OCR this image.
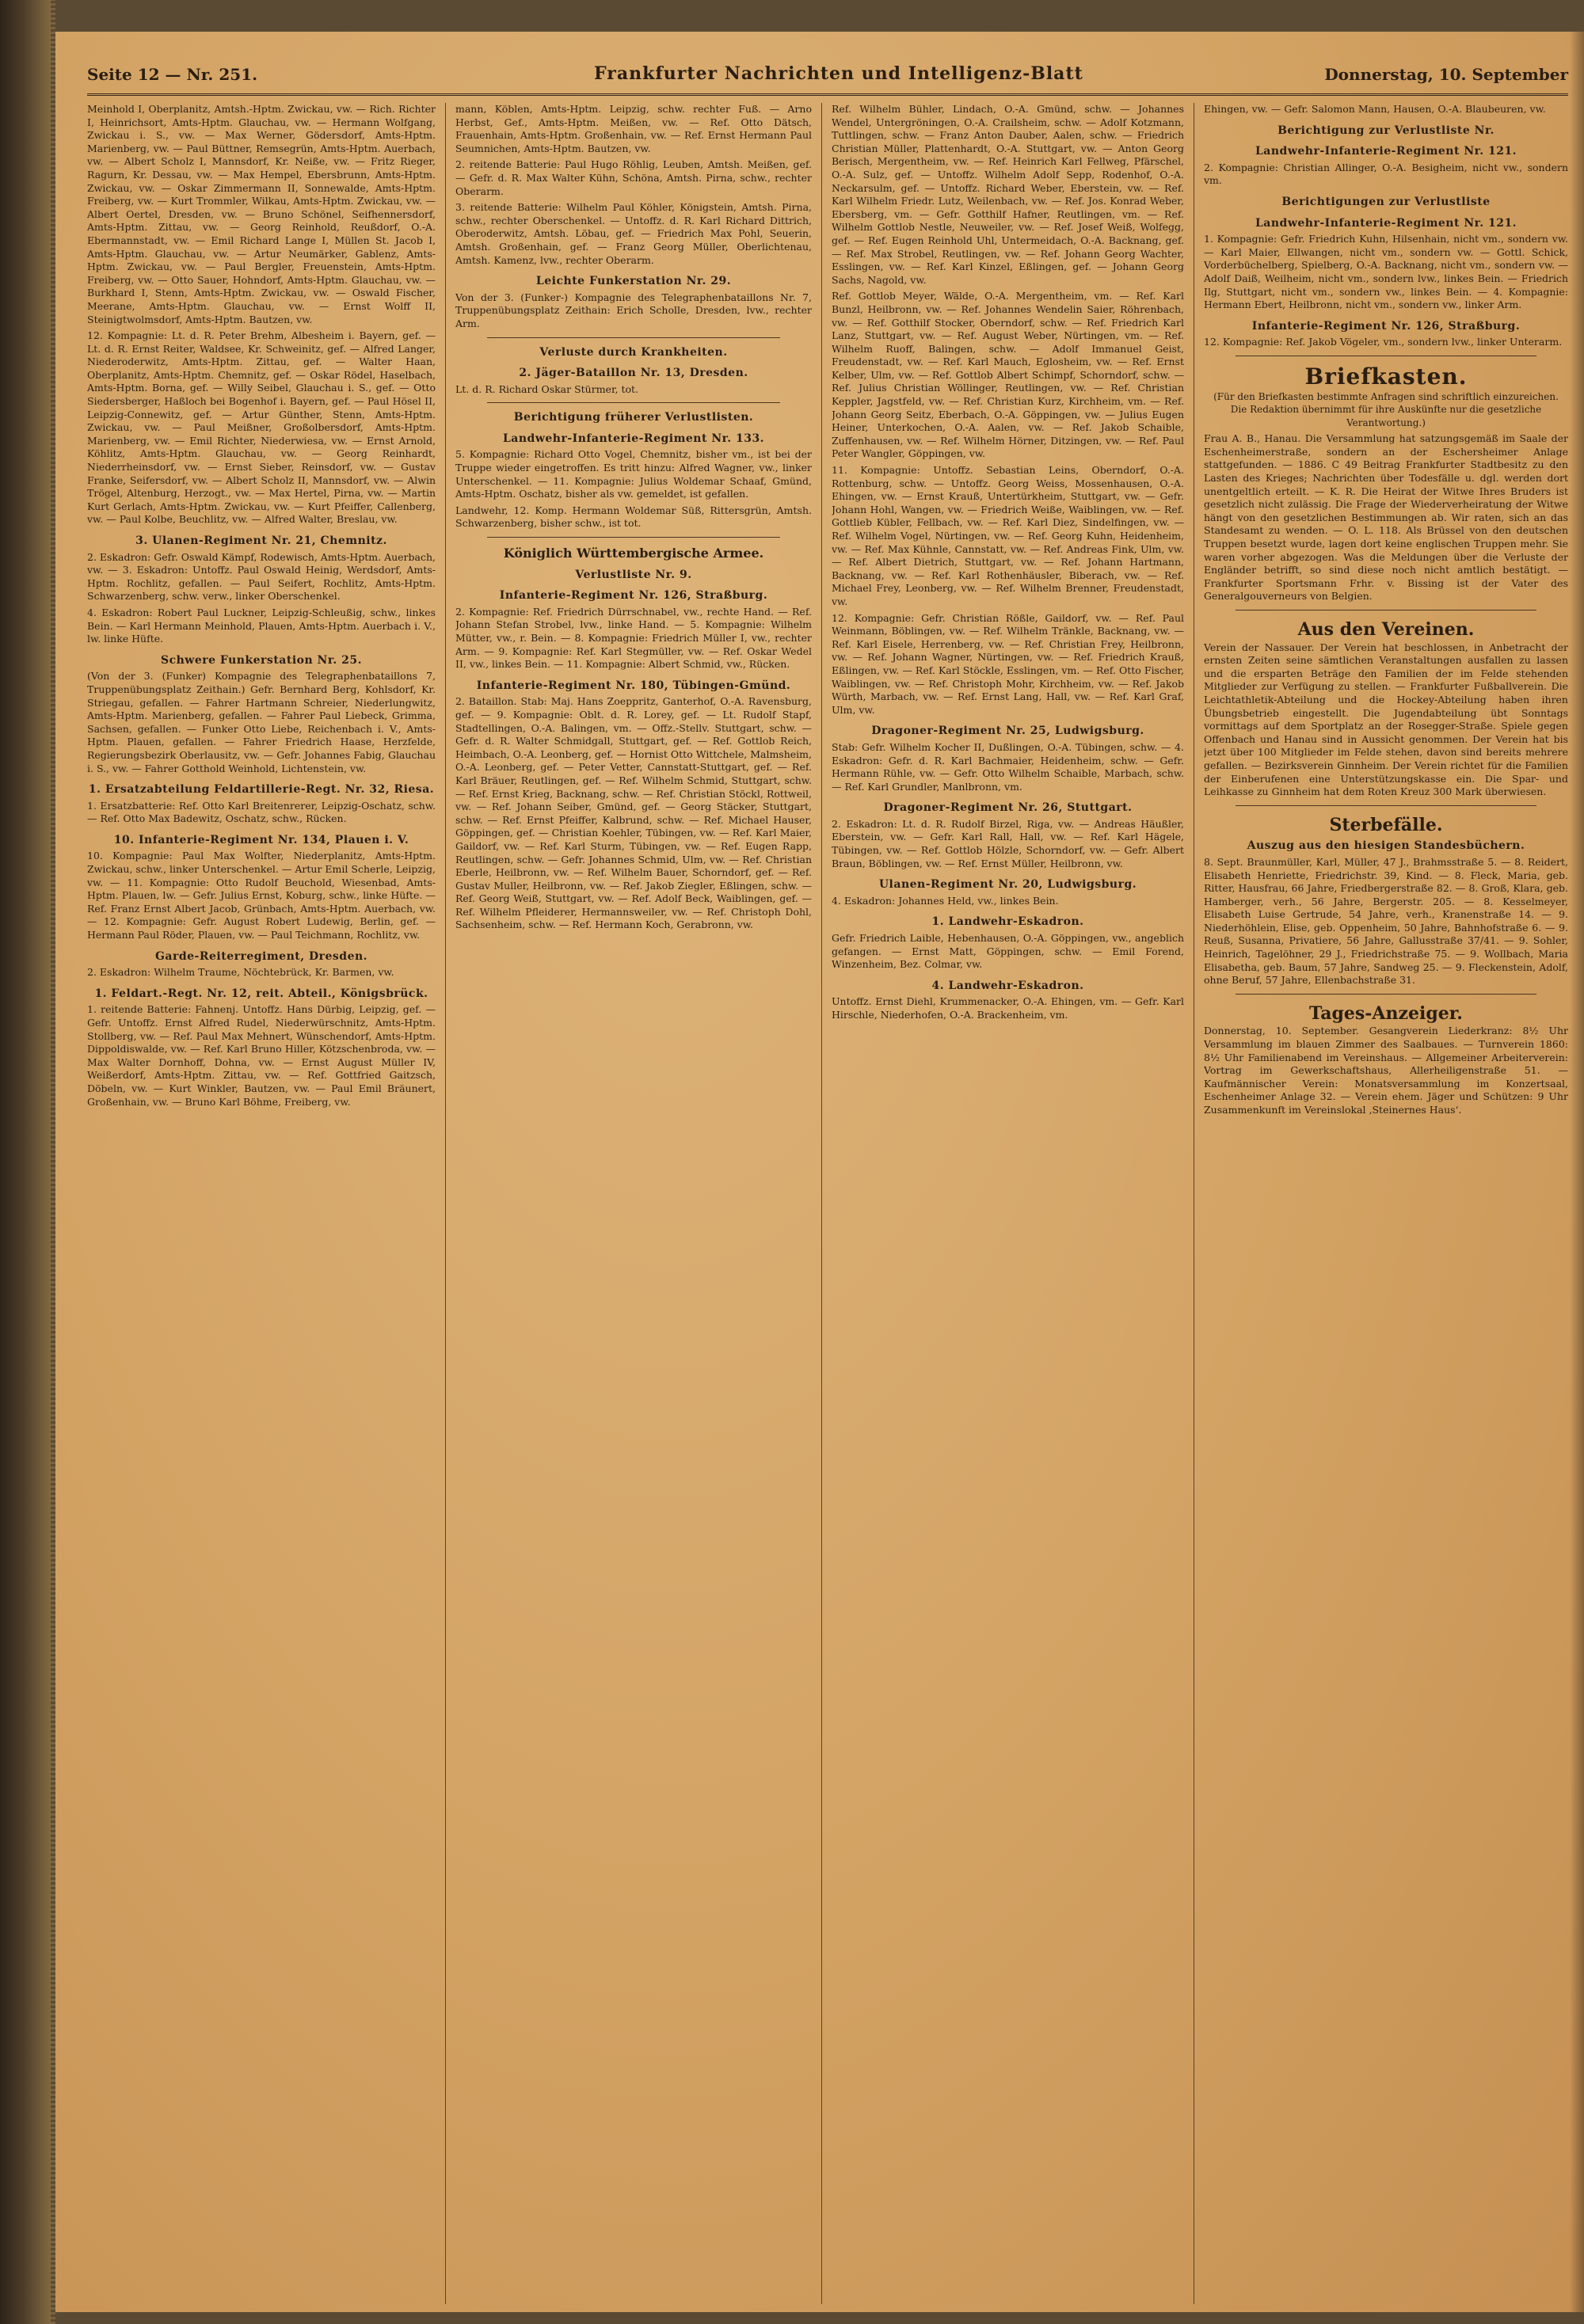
Seite 12 — Nr. 251.	Frankfurter Nachrichten und Intelligenz-Blatt	Donnerstag, 10. September

Meinhold I, Oberplanitz, Amtsh.-Hptm. Zwickau, vw. — Rich. Richter I, Heinrichsort, Amts-Hptm. Glauchau, vw. — Hermann Wolfgang, Zwickau i. S., vw. — Max Werner, Gödersdorf, Amts-Hptm. Marienberg, vw. — Paul Büttner, Remsegrün, Amts-Hptm. Auerbach, vw. — Albert Scholz I, Mannsdorf, Kr. Neiße, vw. — Fritz Rieger, Ragurn, Kr. Dessau, vw. — Max Hempel, Ebersbrunn, Amts-Hptm. Zwickau, vw. — Oskar Zimmermann II, Sonnewalde, Amts-Hptm. Freiberg, vw. — Kurt Trommler, Wilkau, Amts-Hptm. Zwickau, vw. — Albert Oertel, Dresden, vw. — Bruno Schönel, Seifhennersdorf, Amts-Hptm. Zittau, vw. — Georg Reinhold, Reußdorf, O.-A. Ebermannstadt, vw. — Emil Richard Lange I, Müllen St. Jacob I, Amts-Hptm. Glauchau, vw. — Artur Neumärker, Gablenz, Amts-Hptm. Zwickau, vw. — Paul Bergler, Freuenstein, Amts-Hptm. Freiberg, vw. — Otto Sauer, Hohndorf, Amts-Hptm. Glauchau, vw. — Burkhard I, Stenn, Amts-Hptm. Zwickau, vw. — Oswald Fischer, Meerane, Amts-Hptm. Glauchau, vw. — Ernst Wolff II, Steinigtwolmsdorf, Amts-Hptm. Bautzen, vw.

12. Kompagnie: Lt. d. R. Peter Brehm, Albesheim i. Bayern, gef. — Lt. d. R. Ernst Reiter, Waldsee, Kr. Schweinitz, gef. — Alfred Langer, Niederoderwitz, Amts-Hptm. Zittau, gef. — Walter Haan, Oberplanitz, Amts-Hptm. Chemnitz, gef. — Oskar Rödel, Haselbach, Amts-Hptm. Borna, gef. — Willy Seibel, Glauchau i. S., gef. — Otto Siedersberger, Haßloch bei Bogenhof i. Bayern, gef. — Paul Hösel II, Leipzig-Connewitz, gef. — Artur Günther, Stenn, Amts-Hptm. Zwickau, vw. — Paul Meißner, Großolbersdorf, Amts-Hptm. Marienberg, vw. — Emil Richter, Niederwiesa, vw. — Ernst Arnold, Köhlitz, Amts-Hptm. Glauchau, vw. — Georg Reinhardt, Niederrheinsdorf, vw. — Ernst Sieber, Reinsdorf, vw. — Gustav Franke, Seifersdorf, vw. — Albert Scholz II, Mannsdorf, vw. — Alwin Trögel, Altenburg, Herzogt., vw. — Max Hertel, Pirna, vw. — Martin Kurt Gerlach, Amts-Hptm. Zwickau, vw. — Kurt Pfeiffer, Callenberg, vw. — Paul Kolbe, Beuchlitz, vw. — Alfred Walter, Breslau, vw.

3. Ulanen-Regiment Nr. 21, Chemnitz.

2. Eskadron: Gefr. Oswald Kämpf, Rodewisch, Amts-Hptm. Auerbach, vw. — 3. Eskadron: Untoffz. Paul Oswald Heinig, Werdsdorf, Amts-Hptm. Rochlitz, gefallen. — Paul Seifert, Rochlitz, Amts-Hptm. Schwarzenberg, schw. verw., linker Oberschenkel.

4. Eskadron: Robert Paul Luckner, Leipzig-Schleußig, schw., linkes Bein. — Karl Hermann Meinhold, Plauen, Amts-Hptm. Auerbach i. V., lw. linke Hüfte.

Schwere Funkerstation Nr. 25.

(Von der 3. (Funker) Kompagnie des Telegraphenbataillons 7, Truppenübungsplatz Zeithain.) Gefr. Bernhard Berg, Kohlsdorf, Kr. Striegau, gefallen. — Fahrer Hartmann Schreier, Niederlungwitz, Amts-Hptm. Marienberg, gefallen. — Fahrer Paul Liebeck, Grimma, Sachsen, gefallen. — Funker Otto Liebe, Reichenbach i. V., Amts-Hptm. Plauen, gefallen. — Fahrer Friedrich Haase, Herzfelde, Regierungsbezirk Oberlausitz, vw. — Gefr. Johannes Fabig, Glauchau i. S., vw. — Fahrer Gotthold Weinhold, Lichtenstein, vw.

1. Ersatzabteilung Feldartillerie-Regt. Nr. 32, Riesa.

1. Ersatzbatterie: Ref. Otto Karl Breitenrerer, Leipzig-Oschatz, schw. — Ref. Otto Max Badewitz, Oschatz, schw., Rücken.

10. Infanterie-Regiment Nr. 134, Plauen i. V.

10. Kompagnie: Paul Max Wolfter, Niederplanitz, Amts-Hptm. Zwickau, schw., linker Unterschenkel. — Artur Emil Scherle, Leipzig, vw. — 11. Kompagnie: Otto Rudolf Beuchold, Wiesenbad, Amts-Hptm. Plauen, lw. — Gefr. Julius Ernst, Koburg, schw., linke Hüfte. — Ref. Franz Ernst Albert Jacob, Grünbach, Amts-Hptm. Auerbach, vw. — 12. Kompagnie: Gefr. August Robert Ludewig, Berlin, gef. — Hermann Paul Röder, Plauen, vw. — Paul Teichmann, Rochlitz, vw.

Garde-Reiterregiment, Dresden.

2. Eskadron: Wilhelm Traume, Nöchtebrück, Kr. Barmen, vw.

1. Feldart.-Regt. Nr. 12, reit. Abteil., Königsbrück.

1. reitende Batterie: Fahnenj. Untoffz. Hans Dürbig, Leipzig, gef. — Gefr. Untoffz. Ernst Alfred Rudel, Niederwürschnitz, Amts-Hptm. Stollberg, vw. — Ref. Paul Max Mehnert, Wünschendorf, Amts-Hptm. Dippoldiswalde, vw. — Ref. Karl Bruno Hiller, Kötzschenbroda, vw. — Max Walter Dornhoff, Dohna, vw. — Ernst August Müller IV, Weißerdorf, Amts-Hptm. Zittau, vw. — Ref. Gottfried Gaitzsch, Döbeln, vw. — Kurt Winkler, Bautzen, vw. — Paul Emil Bräunert, Großenhain, vw. — Bruno Karl Böhme, Freiberg, vw.

mann, Köblen, Amts-Hptm. Leipzig, schw. rechter Fuß. — Arno Herbst, Gef., Amts-Hptm. Meißen, vw. — Ref. Otto Dätsch, Frauenhain, Amts-Hptm. Großenhain, vw. — Ref. Ernst Hermann Paul Seumnichen, Amts-Hptm. Bautzen, vw.

2. reitende Batterie: Paul Hugo Röhlig, Leuben, Amtsh. Meißen, gef. — Gefr. d. R. Max Walter Kühn, Schöna, Amtsh. Pirna, schw., rechter Oberarm.

3. reitende Batterie: Wilhelm Paul Köhler, Königstein, Amtsh. Pirna, schw., rechter Oberschenkel. — Untoffz. d. R. Karl Richard Dittrich, Oberoderwitz, Amtsh. Löbau, gef. — Friedrich Max Pohl, Seuerin, Amtsh. Großenhain, gef. — Franz Georg Müller, Oberlichtenau, Amtsh. Kamenz, lvw., rechter Oberarm.

Leichte Funkerstation Nr. 29.

Von der 3. (Funker-) Kompagnie des Telegraphenbataillons Nr. 7, Truppenübungsplatz Zeithain: Erich Scholle, Dresden, lvw., rechter Arm.

Verluste durch Krankheiten.
2. Jäger-Bataillon Nr. 13, Dresden.

Lt. d. R. Richard Oskar Stürmer, tot.

Berichtigung früherer Verlustlisten.
Landwehr-Infanterie-Regiment Nr. 133.

5. Kompagnie: Richard Otto Vogel, Chemnitz, bisher vm., ist bei der Truppe wieder eingetroffen. Es tritt hinzu: Alfred Wagner, vw., linker Unterschenkel. — 11. Kompagnie: Julius Woldemar Schaaf, Gmünd, Amts-Hptm. Oschatz, bisher als vw. gemeldet, ist gefallen.

Landwehr, 12. Komp. Hermann Woldemar Süß, Rittersgrün, Amtsh. Schwarzenberg, bisher schw., ist tot.

Königlich Württembergische Armee.
Verlustliste Nr. 9.
Infanterie-Regiment Nr. 126, Straßburg.

2. Kompagnie: Ref. Friedrich Dürrschnabel, vw., rechte Hand. — Ref. Johann Stefan Strobel, lvw., linke Hand. — 5. Kompagnie: Wilhelm Mütter, vw., r. Bein. — 8. Kompagnie: Friedrich Müller I, vw., rechter Arm. — 9. Kompagnie: Ref. Karl Stegmüller, vw. — Ref. Oskar Wedel II, vw., linkes Bein. — 11. Kompagnie: Albert Schmid, vw., Rücken.

Infanterie-Regiment Nr. 180, Tübingen-Gmünd.

2. Bataillon. Stab: Maj. Hans Zoeppritz, Ganterhof, O.-A. Ravensburg, gef. — 9. Kompagnie: Oblt. d. R. Lorey, gef. — Lt. Rudolf Stapf, Stadtellingen, O.-A. Balingen, vm. — Offz.-Stellv. Stuttgart, schw. — Gefr. d. R. Walter Schmidgall, Stuttgart, gef. — Ref. Gottlob Reich, Heimbach, O.-A. Leonberg, gef. — Hornist Otto Wittchele, Malmsheim, O.-A. Leonberg, gef. — Peter Vetter, Cannstatt-Stuttgart, gef. — Ref. Karl Bräuer, Reutlingen, gef. — Ref. Wilhelm Schmid, Stuttgart, schw. — Ref. Ernst Krieg, Backnang, schw. — Ref. Christian Stöckl, Rottweil, vw. — Ref. Johann Seiber, Gmünd, gef. — Georg Stäcker, Stuttgart, schw. — Ref. Ernst Pfeiffer, Kalbrund, schw. — Ref. Michael Hauser, Göppingen, gef. — Christian Koehler, Tübingen, vw. — Ref. Karl Maier, Gaildorf, vw. — Ref. Karl Sturm, Tübingen, vw. — Ref. Eugen Rapp, Reutlingen, schw. — Gefr. Johannes Schmid, Ulm, vw. — Ref. Christian Eberle, Heilbronn, vw. — Ref. Wilhelm Bauer, Schorndorf, gef. — Ref. Gustav Muller, Heilbronn, vw. — Ref. Jakob Ziegler, Eßlingen, schw. — Ref. Georg Weiß, Stuttgart, vw. — Ref. Adolf Beck, Waiblingen, gef. — Ref. Wilhelm Pfleiderer, Hermannsweiler, vw. — Ref. Christoph Dohl, Sachsenheim, schw. — Ref. Hermann Koch, Gerabronn, vw.

Ref. Wilhelm Bühler, Lindach, O.-A. Gmünd, schw. — Johannes Wendel, Untergröningen, O.-A. Crailsheim, schw. — Adolf Kotzmann, Tuttlingen, schw. — Franz Anton Dauber, Aalen, schw. — Friedrich Christian Müller, Plattenhardt, O.-A. Stuttgart, vw. — Anton Georg Berisch, Mergentheim, vw. — Ref. Heinrich Karl Fellweg, Pfärschel, O.-A. Sulz, gef. — Untoffz. Wilhelm Adolf Sepp, Rodenhof, O.-A. Neckarsulm, gef. — Untoffz. Richard Weber, Eberstein, vw. — Ref. Karl Wilhelm Friedr. Lutz, Weilenbach, vw. — Ref. Jos. Konrad Weber, Ebersberg, vm. — Gefr. Gotthilf Hafner, Reutlingen, vm. — Ref. Wilhelm Gottlob Nestle, Neuweiler, vw. — Ref. Josef Weiß, Wolfegg, gef. — Ref. Eugen Reinhold Uhl, Untermeidach, O.-A. Backnang, gef. — Ref. Max Strobel, Reutlingen, vw. — Ref. Johann Georg Wachter, Esslingen, vw. — Ref. Karl Kinzel, Eßlingen, gef. — Johann Georg Sachs, Nagold, vw.

Ref. Gottlob Meyer, Wälde, O.-A. Mergentheim, vm. — Ref. Karl Bunzl, Heilbronn, vw. — Ref. Johannes Wendelin Saier, Röhrenbach, vw. — Ref. Gotthilf Stocker, Oberndorf, schw. — Ref. Friedrich Karl Lanz, Stuttgart, vw. — Ref. August Weber, Nürtingen, vm. — Ref. Wilhelm Ruoff, Balingen, schw. — Adolf Immanuel Geist, Freudenstadt, vw. — Ref. Karl Mauch, Eglosheim, vw. — Ref. Ernst Kelber, Ulm, vw. — Ref. Gottlob Albert Schimpf, Schorndorf, schw. — Ref. Julius Christian Wöllinger, Reutlingen, vw. — Ref. Christian Keppler, Jagstfeld, vw. — Ref. Christian Kurz, Kirchheim, vm. — Ref. Johann Georg Seitz, Eberbach, O.-A. Göppingen, vw. — Julius Eugen Heiner, Unterkochen, O.-A. Aalen, vw. — Ref. Jakob Schaible, Zuffenhausen, vw. — Ref. Wilhelm Hörner, Ditzingen, vw. — Ref. Paul Peter Wangler, Göppingen, vw.

11. Kompagnie: Untoffz. Sebastian Leins, Oberndorf, O.-A. Rottenburg, schw. — Untoffz. Georg Weiss, Mossenhausen, O.-A. Ehingen, vw. — Ernst Krauß, Untertürkheim, Stuttgart, vw. — Gefr. Johann Hohl, Wangen, vw. — Friedrich Weiße, Waiblingen, vw. — Ref. Gottlieb Kübler, Fellbach, vw. — Ref. Karl Diez, Sindelfingen, vw. — Ref. Wilhelm Vogel, Nürtingen, vw. — Ref. Georg Kuhn, Heidenheim, vw. — Ref. Max Kühnle, Cannstatt, vw. — Ref. Andreas Fink, Ulm, vw. — Ref. Albert Dietrich, Stuttgart, vw. — Ref. Johann Hartmann, Backnang, vw. — Ref. Karl Rothenhäusler, Biberach, vw. — Ref. Michael Frey, Leonberg, vw. — Ref. Wilhelm Brenner, Freudenstadt, vw.

12. Kompagnie: Gefr. Christian Rößle, Gaildorf, vw. — Ref. Paul Weinmann, Böblingen, vw. — Ref. Wilhelm Tränkle, Backnang, vw. — Ref. Karl Eisele, Herrenberg, vw. — Ref. Christian Frey, Heilbronn, vw. — Ref. Johann Wagner, Nürtingen, vw. — Ref. Friedrich Krauß, Eßlingen, vw. — Ref. Karl Stöckle, Esslingen, vm. — Ref. Otto Fischer, Waiblingen, vw. — Ref. Christoph Mohr, Kirchheim, vw. — Ref. Jakob Würth, Marbach, vw. — Ref. Ernst Lang, Hall, vw. — Ref. Karl Graf, Ulm, vw.

Dragoner-Regiment Nr. 25, Ludwigsburg.

Stab: Gefr. Wilhelm Kocher II, Dußlingen, O.-A. Tübingen, schw. — 4. Eskadron: Gefr. d. R. Karl Bachmaier, Heidenheim, schw. — Gefr. Hermann Rühle, vw. — Gefr. Otto Wilhelm Schaible, Marbach, schw. — Ref. Karl Grundler, Manlbronn, vm.

Dragoner-Regiment Nr. 26, Stuttgart.

2. Eskadron: Lt. d. R. Rudolf Birzel, Riga, vw. — Andreas Häußler, Eberstein, vw. — Gefr. Karl Rall, Hall, vw. — Ref. Karl Hägele, Tübingen, vw. — Ref. Gottlob Hölzle, Schorndorf, vw. — Gefr. Albert Braun, Böblingen, vw. — Ref. Ernst Müller, Heilbronn, vw.

Ulanen-Regiment Nr. 20, Ludwigsburg.

4. Eskadron: Johannes Held, vw., linkes Bein.

1. Landwehr-Eskadron.

Gefr. Friedrich Laible, Hebenhausen, O.-A. Göppingen, vw., angeblich gefangen. — Ernst Matt, Göppingen, schw. — Emil Forend, Winzenheim, Bez. Colmar, vw.

4. Landwehr-Eskadron.

Untoffz. Ernst Diehl, Krummenacker, O.-A. Ehingen, vm. — Gefr. Karl Hirschle, Niederhofen, O.-A. Brackenheim, vm.

Ehingen, vw. — Gefr. Salomon Mann, Hausen, O.-A. Blaubeuren, vw.

Berichtigung zur Verlustliste Nr.
Landwehr-Infanterie-Regiment Nr. 121.

2. Kompagnie: Christian Allinger, O.-A. Besigheim, nicht vw., sondern vm.

Berichtigungen zur Verlustliste
Landwehr-Infanterie-Regiment Nr. 121.

1. Kompagnie: Gefr. Friedrich Kuhn, Hilsenhain, nicht vm., sondern vw. — Karl Maier, Ellwangen, nicht vm., sondern vw. — Gottl. Schick, Vorderbüchelberg, Spielberg, O.-A. Backnang, nicht vm., sondern vw. — Adolf Daiß, Weilheim, nicht vm., sondern lvw., linkes Bein. — Friedrich Ilg, Stuttgart, nicht vm., sondern vw., linkes Bein. — 4. Kompagnie: Hermann Ebert, Heilbronn, nicht vm., sondern vw., linker Arm.

Infanterie-Regiment Nr. 126, Straßburg.

12. Kompagnie: Ref. Jakob Vögeler, vm., sondern lvw., linker Unterarm.

Briefkasten.

(Für den Briefkasten bestimmte Anfragen sind schriftlich einzureichen. Die Redaktion übernimmt für ihre Auskünfte nur die gesetzliche Verantwortung.)

Frau A. B., Hanau. Die Versammlung hat satzungsgemäß im Saale der Eschenheimerstraße, sondern an der Eschersheimer Anlage stattgefunden. — 1886. C 49 Beitrag Frankfurter Stadtbesitz zu den Lasten des Krieges; Nachrichten über Todesfälle u. dgl. werden dort unentgeltlich erteilt. — K. R. Die Heirat der Witwe Ihres Bruders ist gesetzlich nicht zulässig. Die Frage der Wiederverheiratung der Witwe hängt von den gesetzlichen Bestimmungen ab. Wir raten, sich an das Standesamt zu wenden. — O. L. 118. Als Brüssel von den deutschen Truppen besetzt wurde, lagen dort keine englischen Truppen mehr. Sie waren vorher abgezogen. Was die Meldungen über die Verluste der Engländer betrifft, so sind diese noch nicht amtlich bestätigt. — Frankfurter Sportsmann Frhr. v. Bissing ist der Vater des Generalgouverneurs von Belgien.

Aus den Vereinen.

Verein der Nassauer. Der Verein hat beschlossen, in Anbetracht der ernsten Zeiten seine sämtlichen Veranstaltungen ausfallen zu lassen und die ersparten Beträge den Familien der im Felde stehenden Mitglieder zur Verfügung zu stellen. — Frankfurter Fußballverein. Die Leichtathletik-Abteilung und die Hockey-Abteilung haben ihren Übungsbetrieb eingestellt. Die Jugendabteilung übt Sonntags vormittags auf dem Sportplatz an der Rosegger-Straße. Spiele gegen Offenbach und Hanau sind in Aussicht genommen. Der Verein hat bis jetzt über 100 Mitglieder im Felde stehen, davon sind bereits mehrere gefallen. — Bezirksverein Ginnheim. Der Verein richtet für die Familien der Einberufenen eine Unterstützungskasse ein. Die Spar- und Leihkasse zu Ginnheim hat dem Roten Kreuz 300 Mark überwiesen.

Sterbefälle.
Auszug aus den hiesigen Standesbüchern.

8. Sept. Braunmüller, Karl, Müller, 47 J., Brahmsstraße 5. — 8. Reidert, Elisabeth Henriette, Friedrichstr. 39, Kind. — 8. Fleck, Maria, geb. Ritter, Hausfrau, 66 Jahre, Friedbergerstraße 82. — 8. Groß, Klara, geb. Hamberger, verh., 56 Jahre, Bergerstr. 205. — 8. Kesselmeyer, Elisabeth Luise Gertrude, 54 Jahre, verh., Kranenstraße 14. — 9. Niederhöhlein, Elise, geb. Oppenheim, 50 Jahre, Bahnhofstraße 6. — 9. Reuß, Susanna, Privatiere, 56 Jahre, Gallusstraße 37/41. — 9. Sohler, Heinrich, Tagelöhner, 29 J., Friedrichstraße 75. — 9. Wollbach, Maria Elisabetha, geb. Baum, 57 Jahre, Sandweg 25. — 9. Fleckenstein, Adolf, ohne Beruf, 57 Jahre, Ellenbachstraße 31.

Tages-Anzeiger.

Donnerstag, 10. September. Gesangverein Liederkranz: 8½ Uhr Versammlung im blauen Zimmer des Saalbaues. — Turnverein 1860: 8½ Uhr Familienabend im Vereinshaus. — Allgemeiner Arbeiterverein: Vortrag im Gewerkschaftshaus, Allerheiligenstraße 51. — Kaufmännischer Verein: Monatsversammlung im Konzertsaal, Eschenheimer Anlage 32. — Verein ehem. Jäger und Schützen: 9 Uhr Zusammenkunft im Vereinslokal ‚Steinernes Haus‘.
